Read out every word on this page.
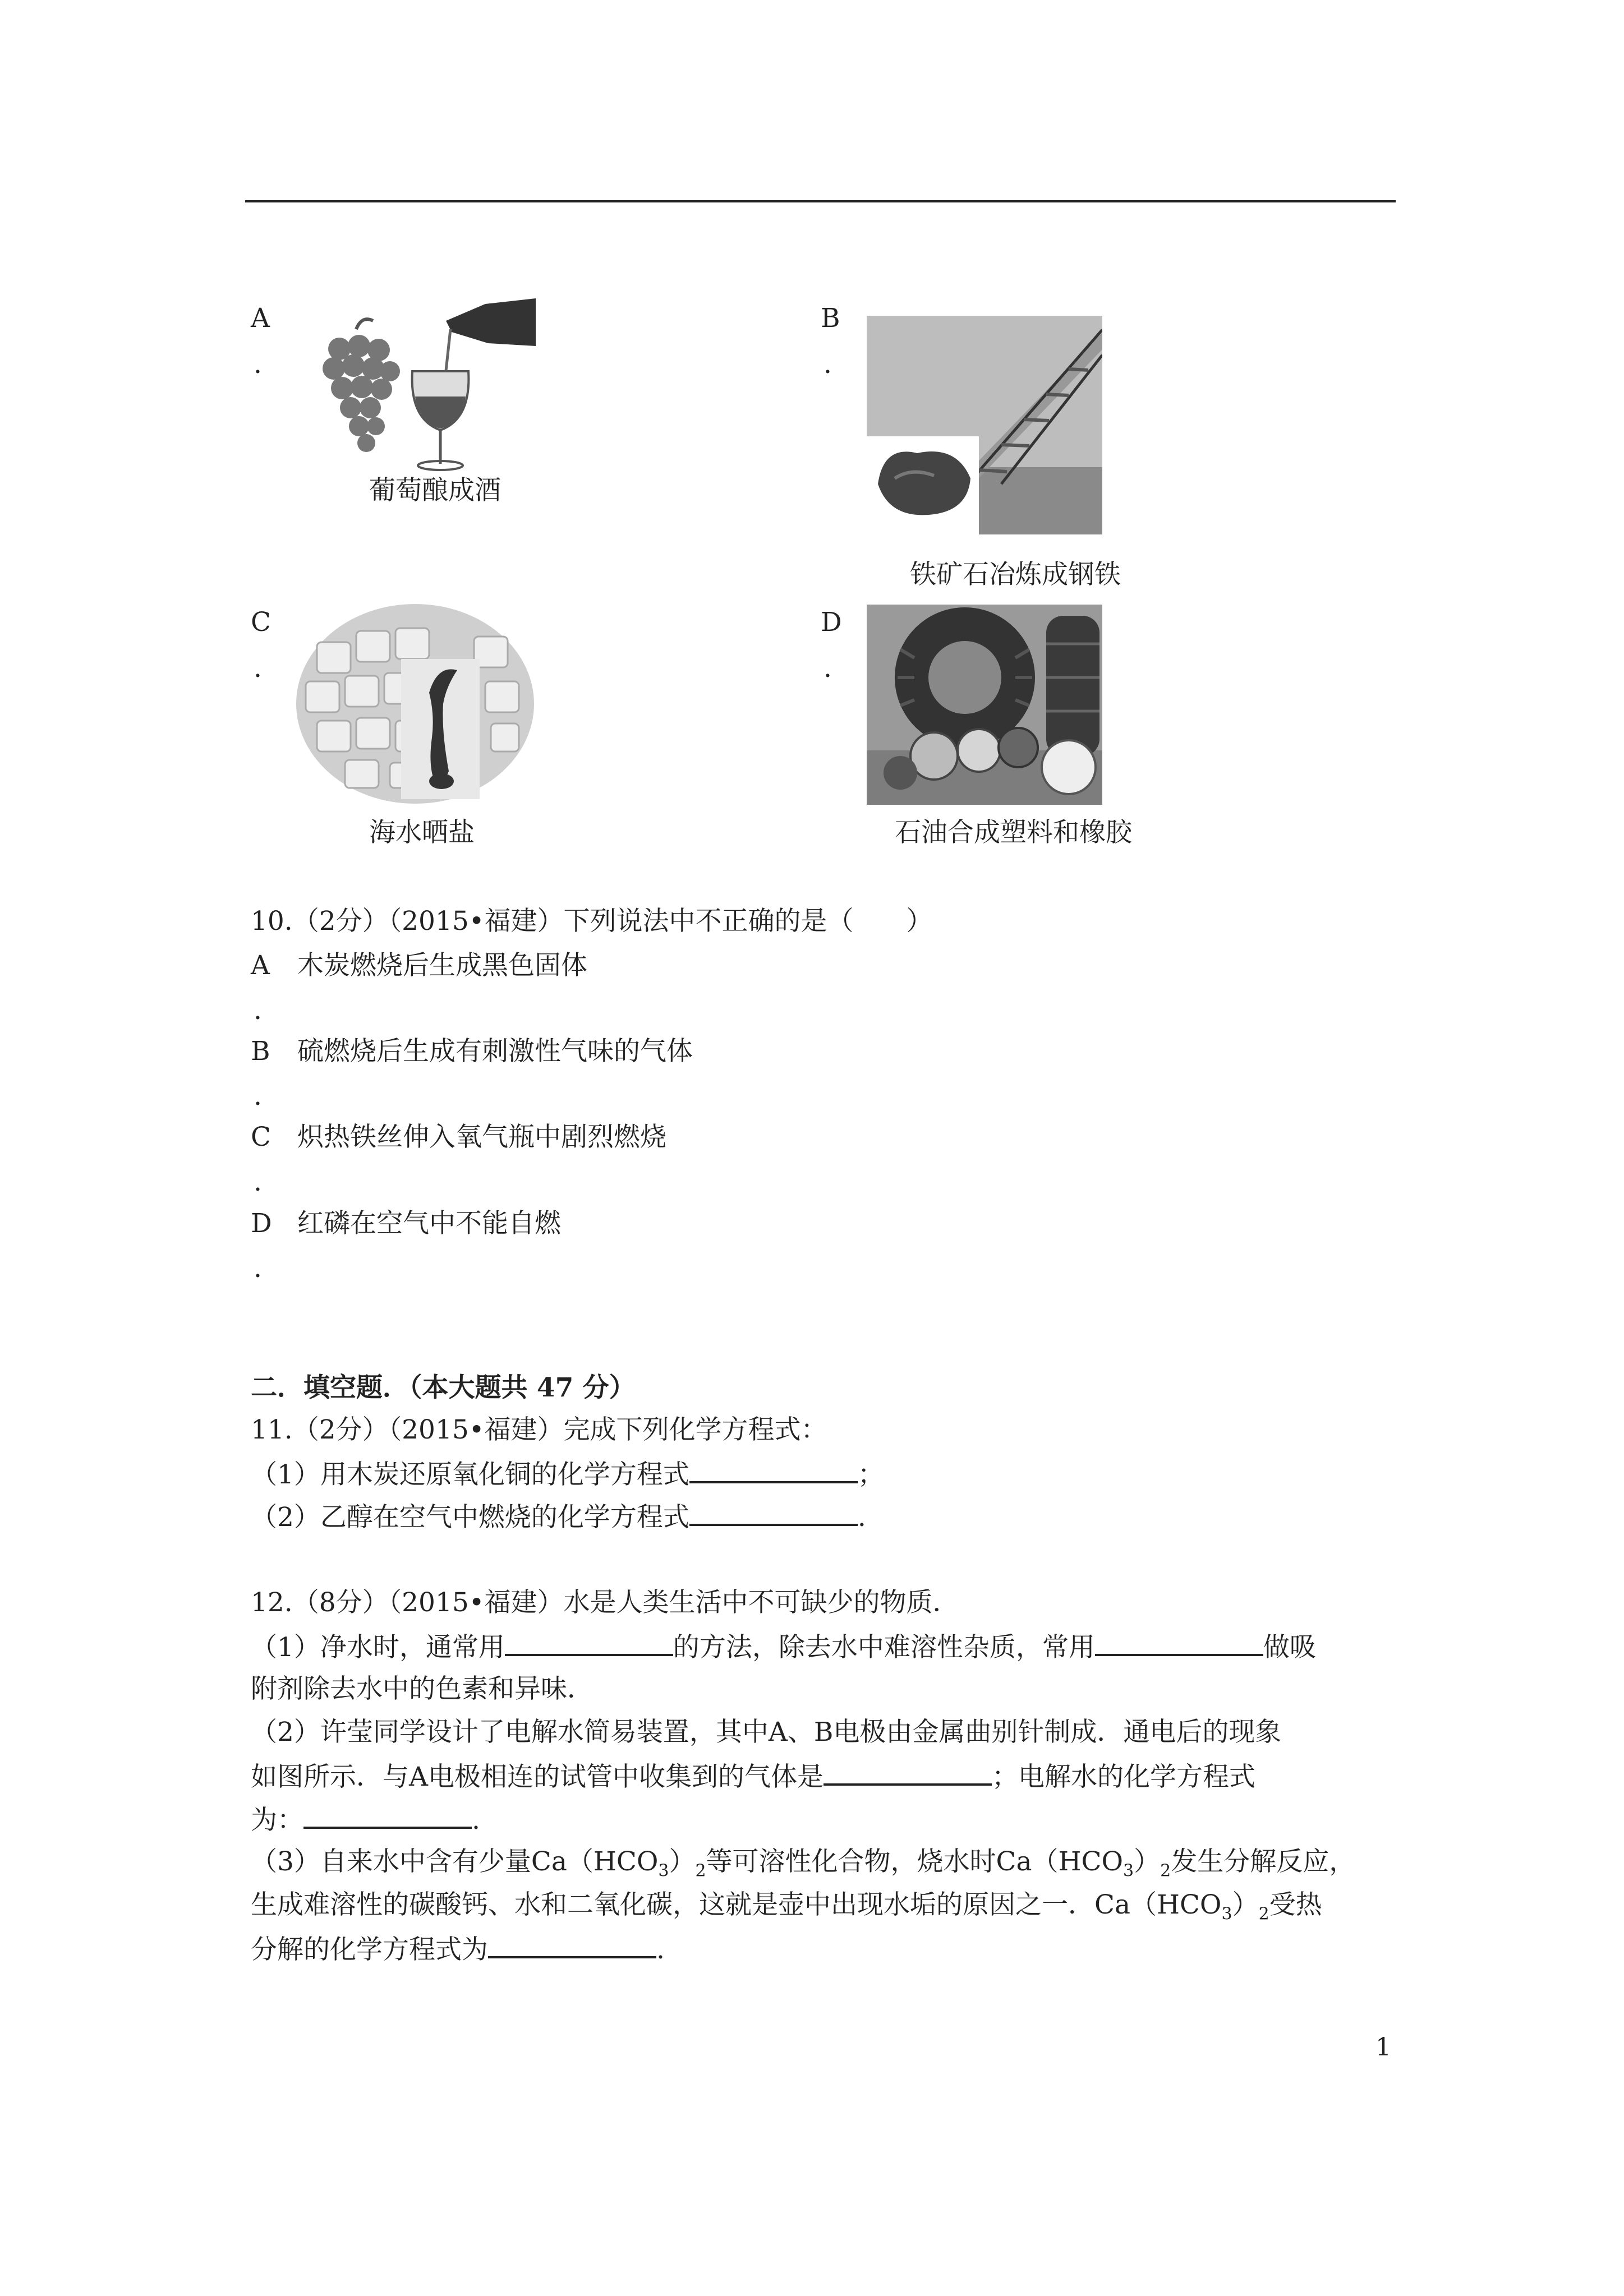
A
.
葡萄酿成酒
B
.
铁矿石冶炼成钢铁
C
.
海水晒盐
D
.
石油合成塑料和橡胶
10.（2分）（2015•福建）下列说法中不正确的是（　　）
A 木炭燃烧后生成黑色固体
.
B 硫燃烧后生成有刺激性气味的气体
.
C 炽热铁丝伸入氧气瓶中剧烈燃烧
.
D 红磷在空气中不能自燃
.
二．填空题．（本大题共 47 分）
11.（2分）（2015•福建）完成下列化学方程式：
（1）用木炭还原氧化铜的化学方程式	；
（2）乙醇在空气中燃烧的化学方程式	.
12.（8分）（2015•福建）水是人类生活中不可缺少的物质．
（1）净水时，通常用	的方法，除去水中难溶性杂质，常用	做吸
附剂除去水中的色素和异味．
（2）许莹同学设计了电解水简易装置，其中A、B电极由金属曲别针制成．通电后的现象
如图所示．与A电极相连的试管中收集到的气体是	；电解水的化学方程式
为：	.
（3）自来水中含有少量$Ca(HCO_3)_2$等可溶性化合物，烧水时$Ca(HCO_3)_2$发生分解反应，
生成难溶性的碳酸钙、水和二氧化碳，这就是壶中出现水垢的原因之一．$Ca(HCO_3)_2$受热
分解的化学方程式为	.
1
